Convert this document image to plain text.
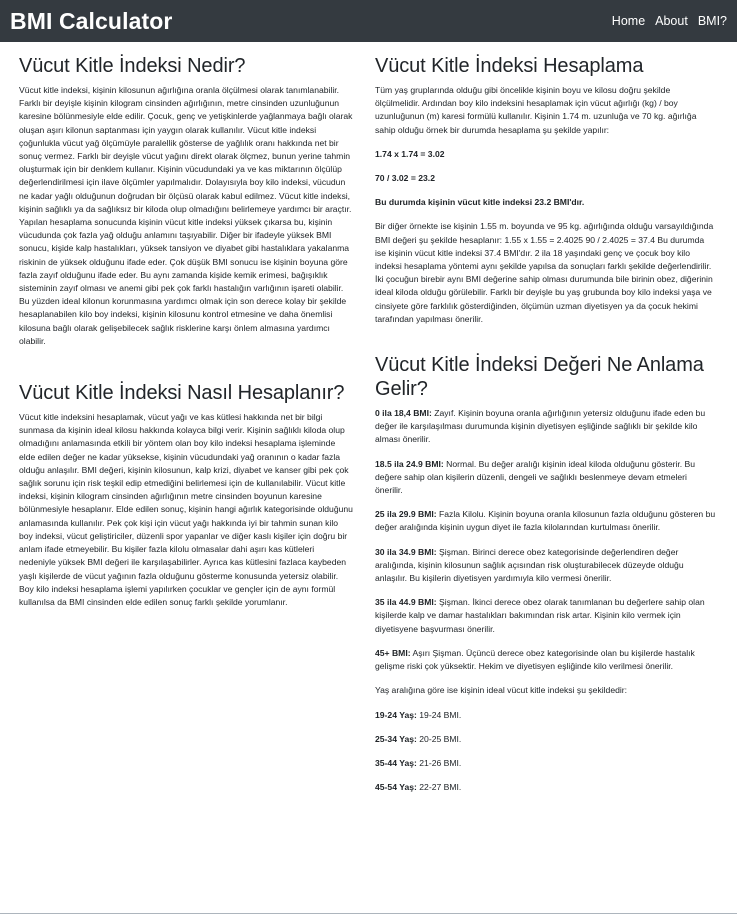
BMI Calculator	Home About BMI?
Vücut Kitle İndeksi Nedir?

Vücut kitle indeksi, kişinin kilosunun ağırlığına oranla ölçülmesi olarak tanımlanabilir. Farklı bir deyişle kişinin kilogram cinsinden ağırlığının, metre cinsinden uzunluğunun karesine bölünmesiyle elde edilir. Çocuk, genç ve yetişkinlerde yağlanmaya bağlı olarak oluşan aşırı kilonun saptanması için yaygın olarak kullanılır. Vücut kitle indeksi çoğunlukla vücut yağ ölçümüyle paralellik gösterse de yağlılık oranı hakkında net bir sonuç vermez. Farklı bir deyişle vücut yağını direkt olarak ölçmez, bunun yerine tahmin oluşturmak için bir denklem kullanır. Kişinin vücudundaki ya ve kas miktarının ölçülüp değerlendirilmesi için ilave ölçümler yapılmalıdır. Dolayısıyla boy kilo indeksi, vücudun ne kadar yağlı olduğunun doğrudan bir ölçüsü olarak kabul edilmez. Vücut kitle indeksi, kişinin sağlıklı ya da sağlıksız bir kiloda olup olmadığını belirlemeye yardımcı bir araçtır. Yapılan hesaplama sonucunda kişinin vücut kitle indeksi yüksek çıkarsa bu, kişinin vücudunda çok fazla yağ olduğu anlamını taşıyabilir. Diğer bir ifadeyle yüksek BMI sonucu, kişide kalp hastalıkları, yüksek tansiyon ve diyabet gibi hastalıklara yakalanma riskinin de yüksek olduğunu ifade eder. Çok düşük BMI sonucu ise kişinin boyuna göre fazla zayıf olduğunu ifade eder. Bu aynı zamanda kişide kemik erimesi, bağışıklık sisteminin zayıf olması ve anemi gibi pek çok farklı hastalığın varlığının işareti olabilir. Bu yüzden ideal kilonun korunmasına yardımcı olmak için son derece kolay bir şekilde hesaplanabilen kilo boy indeksi, kişinin kilosunu kontrol etmesine ve daha önemlisi kilosuna bağlı olarak gelişebilecek sağlık risklerine karşı önlem almasına yardımcı olabilir.

Vücut Kitle İndeksi Nasıl Hesaplanır?

Vücut kitle indeksini hesaplamak, vücut yağı ve kas kütlesi hakkında net bir bilgi sunmasa da kişinin ideal kilosu hakkında kolayca bilgi verir. Kişinin sağlıklı kiloda olup olmadığını anlamasında etkili bir yöntem olan boy kilo indeksi hesaplama işleminde elde edilen değer ne kadar yüksekse, kişinin vücudundaki yağ oranının o kadar fazla olduğu anlaşılır. BMI değeri, kişinin kilosunun, kalp krizi, diyabet ve kanser gibi pek çok sağlık sorunu için risk teşkil edip etmediğini belirlemesi için de kullanılabilir. Vücut kitle indeksi, kişinin kilogram cinsinden ağırlığının metre cinsinden boyunun karesine bölünmesiyle hesaplanır. Elde edilen sonuç, kişinin hangi ağırlık kategorisinde olduğunu anlamasında kullanılır. Pek çok kişi için vücut yağı hakkında iyi bir tahmin sunan kilo boy indeksi, vücut geliştiriciler, düzenli spor yapanlar ve diğer kaslı kişiler için doğru bir anlam ifade etmeyebilir. Bu kişiler fazla kilolu olmasalar dahi aşırı kas kütleleri nedeniyle yüksek BMI değeri ile karşılaşabilirler. Ayrıca kas kütlesini fazlaca kaybeden yaşlı kişilerde de vücut yağının fazla olduğunu gösterme konusunda yetersiz olabilir. Boy kilo indeksi hesaplama işlemi yapılırken çocuklar ve gençler için de aynı formül kullanılsa da BMI cinsinden elde edilen sonuç farklı şekilde yorumlanır.

Vücut Kitle İndeksi Hesaplama

Tüm yaş gruplarında olduğu gibi öncelikle kişinin boyu ve kilosu doğru şekilde ölçülmelidir. Ardından boy kilo indeksini hesaplamak için vücut ağırlığı (kg) / boy uzunluğunun (m) karesi formülü kullanılır. Kişinin 1.74 m. uzunluğa ve 70 kg. ağırlığa sahip olduğu örnek bir durumda hesaplama şu şekilde yapılır:

1.74 x 1.74 = 3.02

70 / 3.02 = 23.2

Bu durumda kişinin vücut kitle indeksi 23.2 BMI'dır.

Bir diğer örnekte ise kişinin 1.55 m. boyunda ve 95 kg. ağırlığında olduğu varsayıldığında BMI değeri şu şekilde hesaplanır: 1.55 x 1.55 = 2.4025 90 / 2.4025 = 37.4 Bu durumda ise kişinin vücut kitle indeksi 37.4 BMI'dır. 2 ila 18 yaşındaki genç ve çocuk boy kilo indeksi hesaplama yöntemi aynı şekilde yapılsa da sonuçları farklı şekilde değerlendirilir. İki çocuğun birebir aynı BMI değerine sahip olması durumunda bile birinin obez, diğerinin ideal kiloda olduğu görülebilir. Farklı bir deyişle bu yaş grubunda boy kilo indeksi yaşa ve cinsiyete göre farklılık gösterdiğinden, ölçümün uzman diyetisyen ya da çocuk hekimi tarafından yapılması önerilir.

Vücut Kitle İndeksi Değeri Ne Anlama Gelir?

0 ila 18,4 BMI: Zayıf. Kişinin boyuna oranla ağırlığının yetersiz olduğunu ifade eden bu değer ile karşılaşılması durumunda kişinin diyetisyen eşliğinde sağlıklı bir şekilde kilo alması önerilir.

18.5 ila 24.9 BMI: Normal. Bu değer aralığı kişinin ideal kiloda olduğunu gösterir. Bu değere sahip olan kişilerin düzenli, dengeli ve sağlıklı beslenmeye devam etmeleri önerilir.

25 ila 29.9 BMI: Fazla Kilolu. Kişinin boyuna oranla kilosunun fazla olduğunu gösteren bu değer aralığında kişinin uygun diyet ile fazla kilolarından kurtulması önerilir.

30 ila 34.9 BMI: Şişman. Birinci derece obez kategorisinde değerlendiren değer aralığında, kişinin kilosunun sağlık açısından risk oluşturabilecek düzeyde olduğu anlaşılır. Bu kişilerin diyetisyen yardımıyla kilo vermesi önerilir.

35 ila 44.9 BMI: Şişman. İkinci derece obez olarak tanımlanan bu değerlere sahip olan kişilerde kalp ve damar hastalıkları bakımından risk artar. Kişinin kilo vermek için diyetisyene başvurması önerilir.

45+ BMI: Aşırı Şişman. Üçüncü derece obez kategorisinde olan bu kişilerde hastalık gelişme riski çok yüksektir. Hekim ve diyetisyen eşliğinde kilo verilmesi önerilir.

Yaş aralığına göre ise kişinin ideal vücut kitle indeksi şu şekildedir:

19-24 Yaş: 19-24 BMI.

25-34 Yaş: 20-25 BMI.

35-44 Yaş: 21-26 BMI.

45-54 Yaş: 22-27 BMI.
